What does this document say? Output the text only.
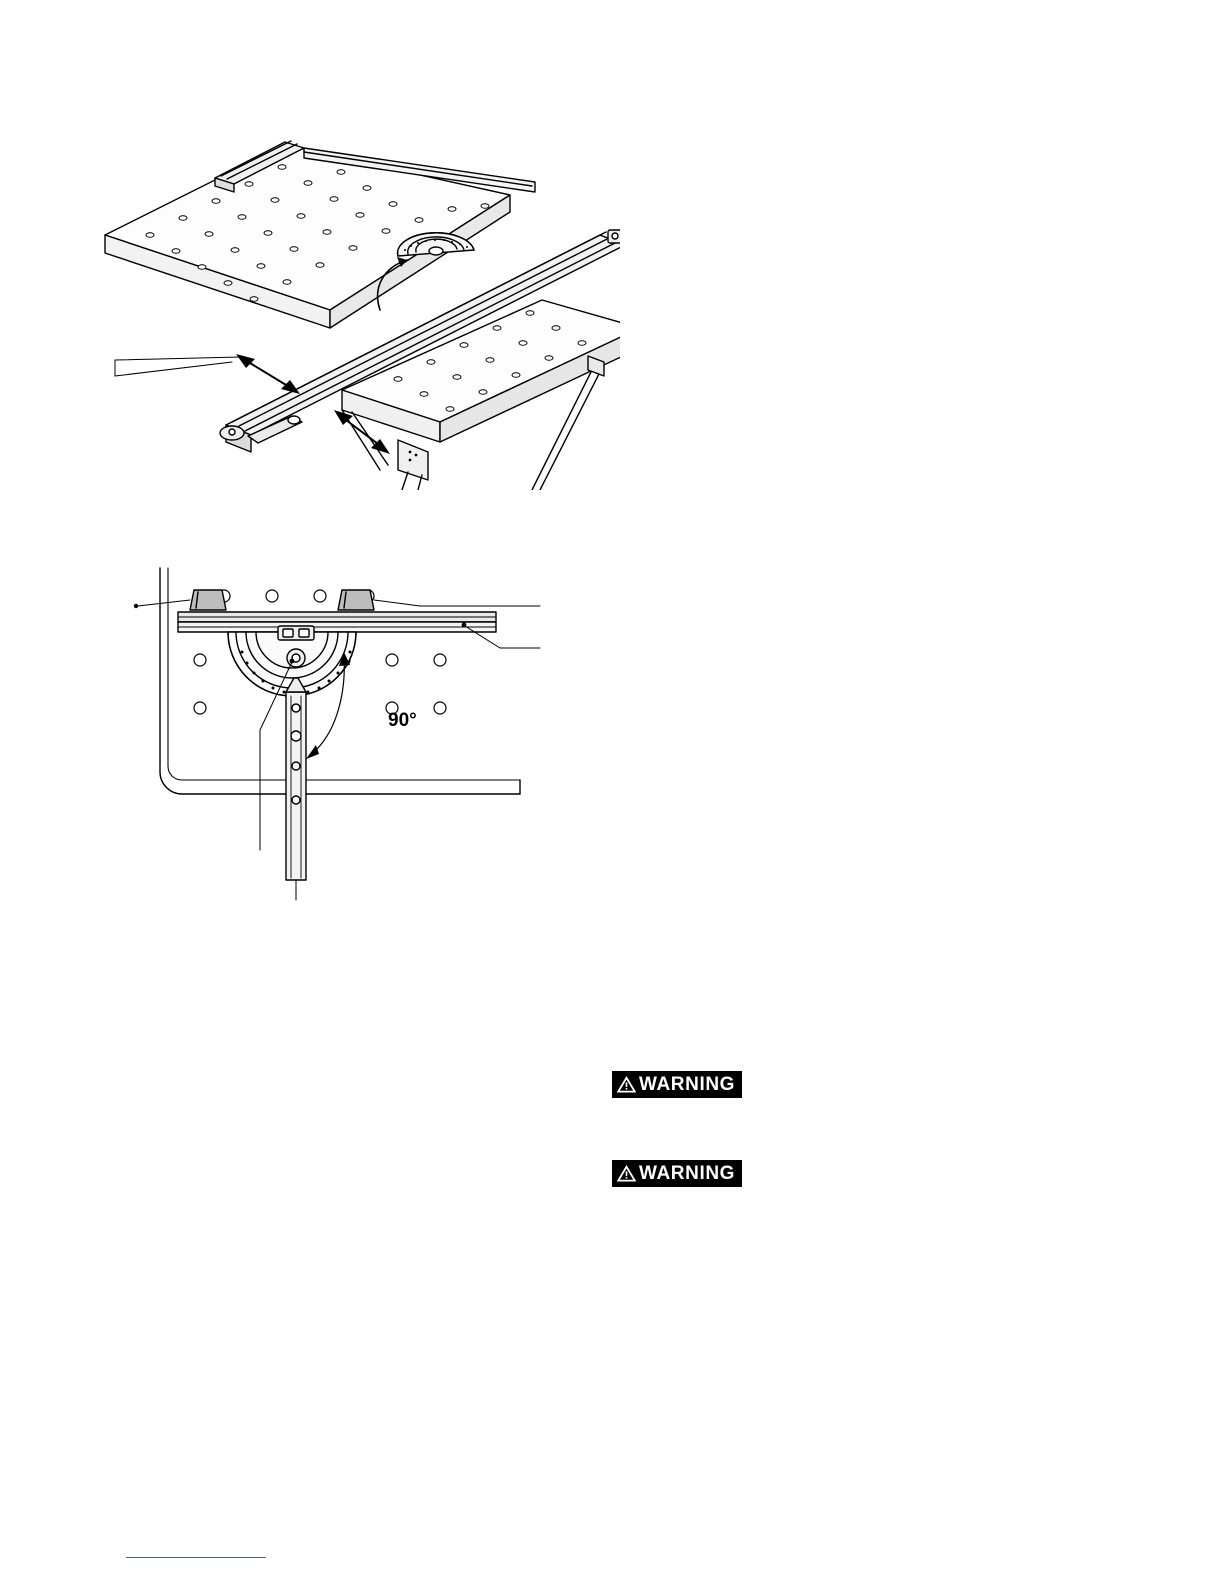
90°
WARNING
WARNING
